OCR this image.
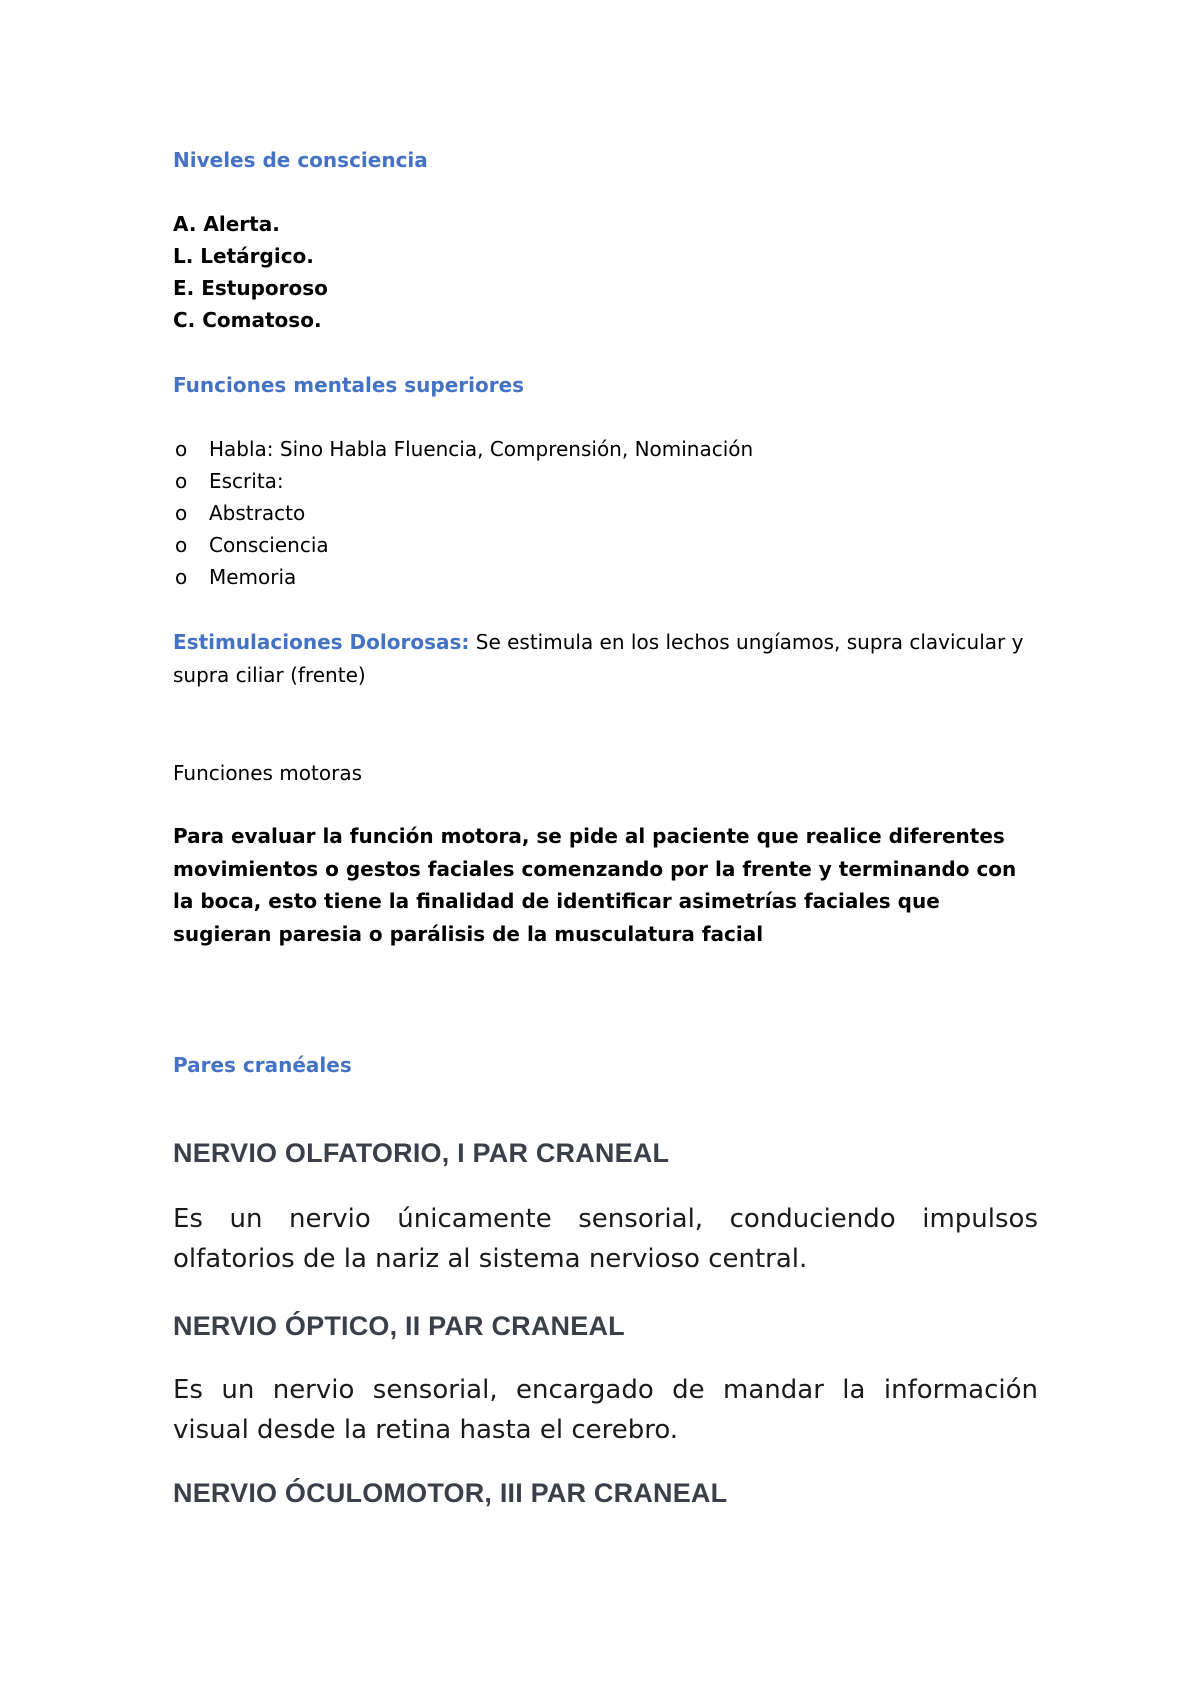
Niveles de consciencia
A. Alerta.
L. Letárgico.
E. Estuporoso
C. Comatoso.
Funciones mentales superiores
o Habla: Sino Habla Fluencia, Comprensión, Nominación
o Escrita:
o Abstracto
o Consciencia
o Memoria

Estimulaciones Dolorosas: Se estimula en los lechos ungíamos, supra clavicular y supra ciliar (frente)

Funciones motoras

Para evaluar la función motora, se pide al paciente que realice diferentes movimientos o gestos faciales comenzando por la frente y terminando con la boca, esto tiene la finalidad de identificar asimetrías faciales que sugieran paresia o parálisis de la musculatura facial

Pares cranéales
NERVIO OLFATORIO, I PAR CRANEAL

Es un nervio únicamente sensorial, conduciendo impulsos olfatorios de la nariz al sistema nervioso central.

NERVIO ÓPTICO, II PAR CRANEAL

Es un nervio sensorial, encargado de mandar la información visual desde la retina hasta el cerebro.

NERVIO ÓCULOMOTOR, III PAR CRANEAL
